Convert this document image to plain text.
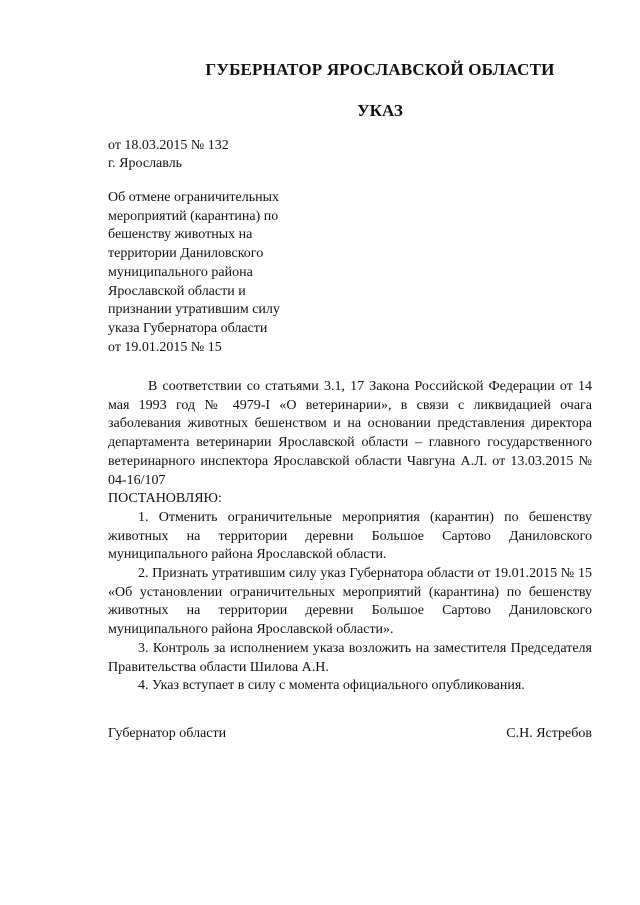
ГУБЕРНАТОР ЯРОСЛАВСКОЙ ОБЛАСТИ
УКАЗ
от 18.03.2015 № 132
г. Ярославль
Об отмене ограничительных
мероприятий (карантина) по
бешенству животных на
территории Даниловского
муниципального района
Ярославской области и
признании утратившим силу
указа Губернатора области
от 19.01.2015 № 15

В соответствии со статьями 3.1, 17 Закона Российской Федерации от 14 мая 1993 год № 4979-I «О ветеринарии», в связи с ликвидацией очага заболевания животных бешенством и на основании представления директора департамента ветеринарии Ярославской области – главного государственного ветеринарного инспектора Ярославской области Чавгуна А.Л. от 13.03.2015 № 04-16/107

ПОСТАНОВЛЯЮ:

1. Отменить ограничительные мероприятия (карантин) по бешенству животных на территории деревни Большое Сартово Даниловского муниципального района Ярославской области.

2. Признать утратившим силу указ Губернатора области от 19.01.2015 № 15 «Об установлении ограничительных мероприятий (карантина) по бешенству животных на территории деревни Большое Сартово Даниловского муниципального района Ярославской области».

3. Контроль за исполнением указа возложить на заместителя Председателя Правительства области Шилова А.Н.

4. Указ вступает в силу с момента официального опубликования.

Губернатор области	С.Н. Ястребов
